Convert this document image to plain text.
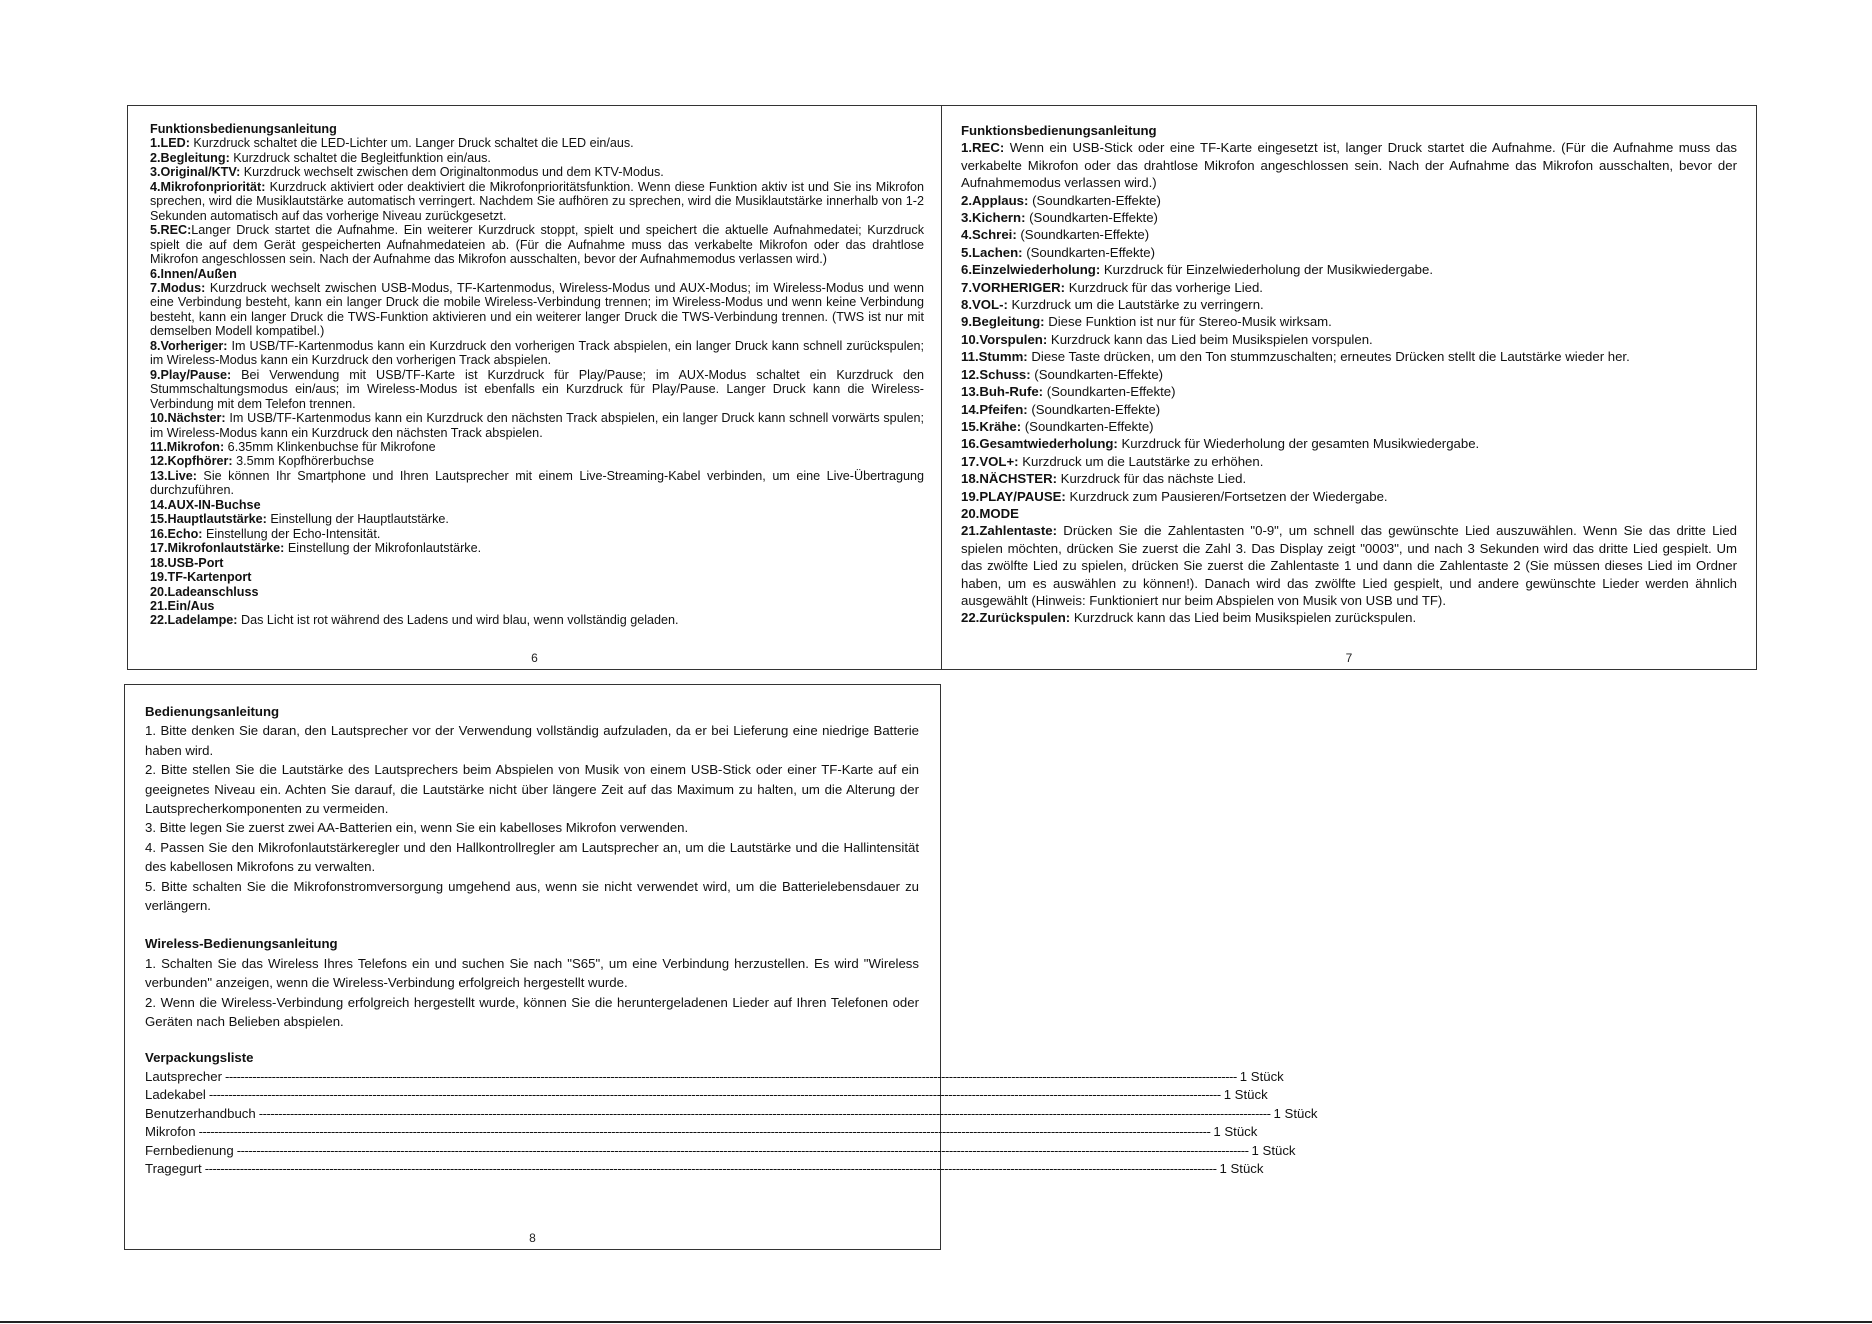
Funktionsbedienungsanleitung

1.LED: Kurzdruck schaltet die LED-Lichter um. Langer Druck schaltet die LED ein/aus.

2.Begleitung: Kurzdruck schaltet die Begleitfunktion ein/aus.

3.Original/KTV: Kurzdruck wechselt zwischen dem Originaltonmodus und dem KTV-Modus.

4.Mikrofonpriorität: Kurzdruck aktiviert oder deaktiviert die Mikrofonprioritätsfunktion. Wenn diese Funktion aktiv ist und Sie ins Mikrofon sprechen, wird die Musiklautstärke automatisch verringert. Nachdem Sie aufhören zu sprechen, wird die Musiklautstärke innerhalb von 1-2 Sekunden automatisch auf das vorherige Niveau zurückgesetzt.

5.REC:Langer Druck startet die Aufnahme. Ein weiterer Kurzdruck stoppt, spielt und speichert die aktuelle Aufnahmedatei; Kurzdruck spielt die auf dem Gerät gespeicherten Aufnahmedateien ab. (Für die Aufnahme muss das verkabelte Mikrofon oder das drahtlose Mikrofon angeschlossen sein. Nach der Aufnahme das Mikrofon ausschalten, bevor der Aufnahmemodus verlassen wird.)

6.Innen/Außen

7.Modus: Kurzdruck wechselt zwischen USB-Modus, TF-Kartenmodus, Wireless-Modus und AUX-Modus; im Wireless-Modus und wenn eine Verbindung besteht, kann ein langer Druck die mobile Wireless-Verbindung trennen; im Wireless-Modus und wenn keine Verbindung besteht, kann ein langer Druck die TWS-Funktion aktivieren und ein weiterer langer Druck die TWS-Verbindung trennen. (TWS ist nur mit demselben Modell kompatibel.)

8.Vorheriger: Im USB/TF-Kartenmodus kann ein Kurzdruck den vorherigen Track abspielen, ein langer Druck kann schnell zurückspulen; im Wireless-Modus kann ein Kurzdruck den vorherigen Track abspielen.

9.Play/Pause: Bei Verwendung mit USB/TF-Karte ist Kurzdruck für Play/Pause; im AUX-Modus schaltet ein Kurzdruck den Stummschaltungsmodus ein/aus; im Wireless-Modus ist ebenfalls ein Kurzdruck für Play/Pause. Langer Druck kann die Wireless-Verbindung mit dem Telefon trennen.

10.Nächster: Im USB/TF-Kartenmodus kann ein Kurzdruck den nächsten Track abspielen, ein langer Druck kann schnell vorwärts spulen; im Wireless-Modus kann ein Kurzdruck den nächsten Track abspielen.

11.Mikrofon: 6.35mm Klinkenbuchse für Mikrofone

12.Kopfhörer: 3.5mm Kopfhörerbuchse

13.Live: Sie können Ihr Smartphone und Ihren Lautsprecher mit einem Live-Streaming-Kabel verbinden, um eine Live-Übertragung durchzuführen.

14.AUX-IN-Buchse

15.Hauptlautstärke: Einstellung der Hauptlautstärke.

16.Echo: Einstellung der Echo-Intensität.

17.Mikrofonlautstärke: Einstellung der Mikrofonlautstärke.

18.USB-Port

19.TF-Kartenport

20.Ladeanschluss

21.Ein/Aus

22.Ladelampe: Das Licht ist rot während des Ladens und wird blau, wenn vollständig geladen.

6
Funktionsbedienungsanleitung

1.REC: Wenn ein USB-Stick oder eine TF-Karte eingesetzt ist, langer Druck startet die Aufnahme. (Für die Aufnahme muss das verkabelte Mikrofon oder das drahtlose Mikrofon angeschlossen sein. Nach der Aufnahme das Mikrofon ausschalten, bevor der Aufnahmemodus verlassen wird.)

2.Applaus: (Soundkarten-Effekte)

3.Kichern: (Soundkarten-Effekte)

4.Schrei: (Soundkarten-Effekte)

5.Lachen: (Soundkarten-Effekte)

6.Einzelwiederholung: Kurzdruck für Einzelwiederholung der Musikwiedergabe.

7.VORHERIGER: Kurzdruck für das vorherige Lied.

8.VOL-: Kurzdruck um die Lautstärke zu verringern.

9.Begleitung: Diese Funktion ist nur für Stereo-Musik wirksam.

10.Vorspulen: Kurzdruck kann das Lied beim Musikspielen vorspulen.

11.Stumm: Diese Taste drücken, um den Ton stummzuschalten; erneutes Drücken stellt die Lautstärke wieder her.

12.Schuss: (Soundkarten-Effekte)

13.Buh-Rufe: (Soundkarten-Effekte)

14.Pfeifen: (Soundkarten-Effekte)

15.Krähe: (Soundkarten-Effekte)

16.Gesamtwiederholung: Kurzdruck für Wiederholung der gesamten Musikwiedergabe.

17.VOL+: Kurzdruck um die Lautstärke zu erhöhen.

18.NÄCHSTER: Kurzdruck für das nächste Lied.

19.PLAY/PAUSE: Kurzdruck zum Pausieren/Fortsetzen der Wiedergabe.

20.MODE

21.Zahlentaste: Drücken Sie die Zahlentasten "0-9", um schnell das gewünschte Lied auszuwählen. Wenn Sie das dritte Lied spielen möchten, drücken Sie zuerst die Zahl 3. Das Display zeigt "0003", und nach 3 Sekunden wird das dritte Lied gespielt. Um das zwölfte Lied zu spielen, drücken Sie zuerst die Zahlentaste 1 und dann die Zahlentaste 2 (Sie müssen dieses Lied im Ordner haben, um es auswählen zu können!). Danach wird das zwölfte Lied gespielt, und andere gewünschte Lieder werden ähnlich ausgewählt (Hinweis: Funktioniert nur beim Abspielen von Musik von USB und TF).

22.Zurückspulen: Kurzdruck kann das Lied beim Musikspielen zurückspulen.

7
Bedienungsanleitung

1. Bitte denken Sie daran, den Lautsprecher vor der Verwendung vollständig aufzuladen, da er bei Lieferung eine niedrige Batterie haben wird.

2. Bitte stellen Sie die Lautstärke des Lautsprechers beim Abspielen von Musik von einem USB-Stick oder einer TF-Karte auf ein geeignetes Niveau ein. Achten Sie darauf, die Lautstärke nicht über längere Zeit auf das Maximum zu halten, um die Alterung der Lautsprecherkomponenten zu vermeiden.

3. Bitte legen Sie zuerst zwei AA-Batterien ein, wenn Sie ein kabelloses Mikrofon verwenden.

4. Passen Sie den Mikrofonlautstärkeregler und den Hallkontrollregler am Lautsprecher an, um die Lautstärke und die Hallintensität des kabellosen Mikrofons zu verwalten.

5. Bitte schalten Sie die Mikrofonstromversorgung umgehend aus, wenn sie nicht verwendet wird, um die Batterielebensdauer zu verlängern.

Wireless-Bedienungsanleitung

1. Schalten Sie das Wireless Ihres Telefons ein und suchen Sie nach "S65", um eine Verbindung herzustellen. Es wird "Wireless verbunden" anzeigen, wenn die Wireless-Verbindung erfolgreich hergestellt wurde.

2. Wenn die Wireless-Verbindung erfolgreich hergestellt wurde, können Sie die heruntergeladenen Lieder auf Ihren Telefonen oder Geräten nach Belieben abspielen.

Verpackungsliste
Lautsprecher -------------------------------------------------------------------------------------------------------------------------------------------------------------------------------------------------------------------------------------------------------------------- 1 Stück
Ladekabel -------------------------------------------------------------------------------------------------------------------------------------------------------------------------------------------------------------------------------------------------------------------- 1 Stück
Benutzerhandbuch -------------------------------------------------------------------------------------------------------------------------------------------------------------------------------------------------------------------------------------------------------------------- 1 Stück
Mikrofon -------------------------------------------------------------------------------------------------------------------------------------------------------------------------------------------------------------------------------------------------------------------- 1 Stück
Fernbedienung -------------------------------------------------------------------------------------------------------------------------------------------------------------------------------------------------------------------------------------------------------------------- 1 Stück
Tragegurt -------------------------------------------------------------------------------------------------------------------------------------------------------------------------------------------------------------------------------------------------------------------- 1 Stück
8
